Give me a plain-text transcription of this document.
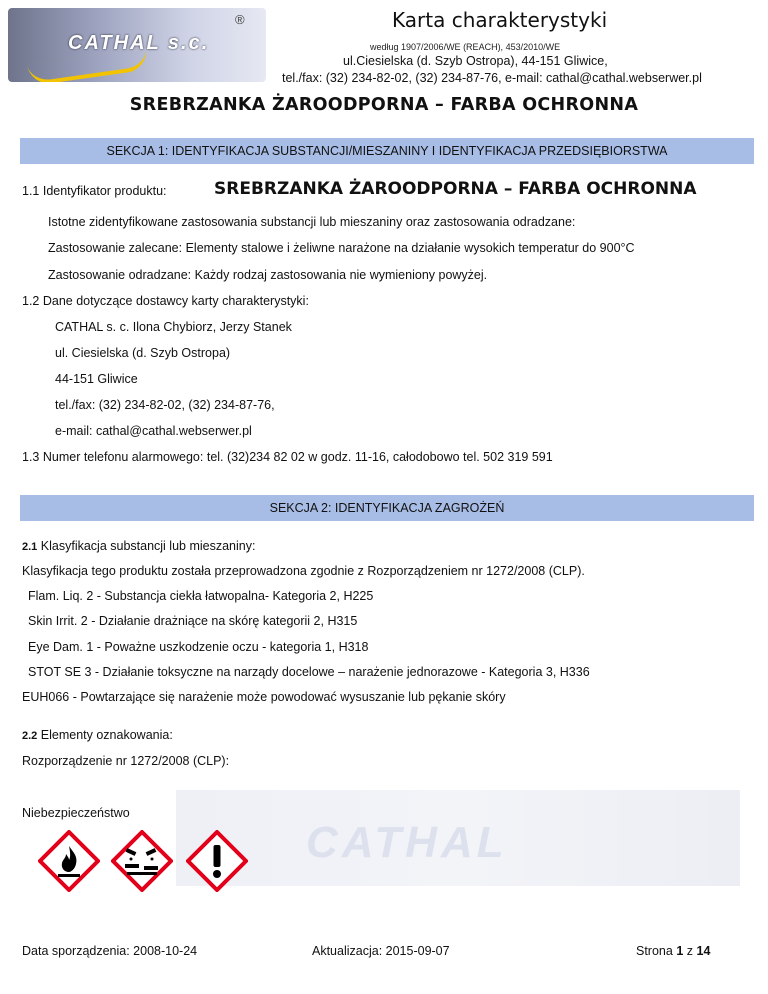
CATHAL s.c.
®	Karta charakterystyki
według 1907/2006/WE (REACH), 453/2010/WE
ul.Ciesielska (d. Szyb Ostropa), 44-151 Gliwice,
tel./fax: (32) 234-82-02, (32) 234-87-76, e-mail: cathal@cathal.webserwer.pl
SREBRZANKA ŻAROODPORNA – FARBA OCHRONNA
SEKCJA 1: IDENTYFIKACJA SUBSTANCJI/MIESZANINY I IDENTYFIKACJA PRZEDSIĘBIORSTWA
1.1 Identyfikator produktu:	SREBRZANKA ŻAROODPORNA – FARBA OCHRONNA
Istotne zidentyfikowane zastosowania substancji lub mieszaniny oraz zastosowania odradzane:
Zastosowanie zalecane: Elementy stalowe i żeliwne narażone na działanie wysokich temperatur do 900°C
Zastosowanie odradzane: Każdy rodzaj zastosowania nie wymieniony powyżej.
1.2 Dane dotyczące dostawcy karty charakterystyki:
CATHAL s. c. Ilona Chybiorz, Jerzy Stanek
ul. Ciesielska (d. Szyb Ostropa)
44-151 Gliwice
tel./fax: (32) 234-82-02, (32) 234-87-76,
e-mail: cathal@cathal.webserwer.pl
1.3 Numer telefonu alarmowego: tel. (32)234 82 02 w godz. 11-16, całodobowo tel. 502 319 591
SEKCJA 2: IDENTYFIKACJA ZAGROŻEŃ
2.1 Klasyfikacja substancji lub mieszaniny:
Klasyfikacja tego produktu została przeprowadzona zgodnie z Rozporządzeniem nr 1272/2008 (CLP).
Flam. Liq. 2 - Substancja ciekła łatwopalna- Kategoria 2, H225
Skin Irrit. 2 - Działanie drażniące na skórę kategorii 2, H315
Eye Dam. 1 - Poważne uszkodzenie oczu - kategoria 1, H318
STOT SE 3 - Działanie toksyczne na narządy docelowe – narażenie jednorazowe - Kategoria 3, H336
EUH066 - Powtarzające się narażenie może powodować wysuszanie lub pękanie skóry
2.2 Elementy oznakowania:
Rozporządzenie nr 1272/2008 (CLP):
CATHAL
Niebezpieczeństwo
Data sporządzenia: 2008-10-24	Aktualizacja: 2015-09-07	Strona 1 z 14
